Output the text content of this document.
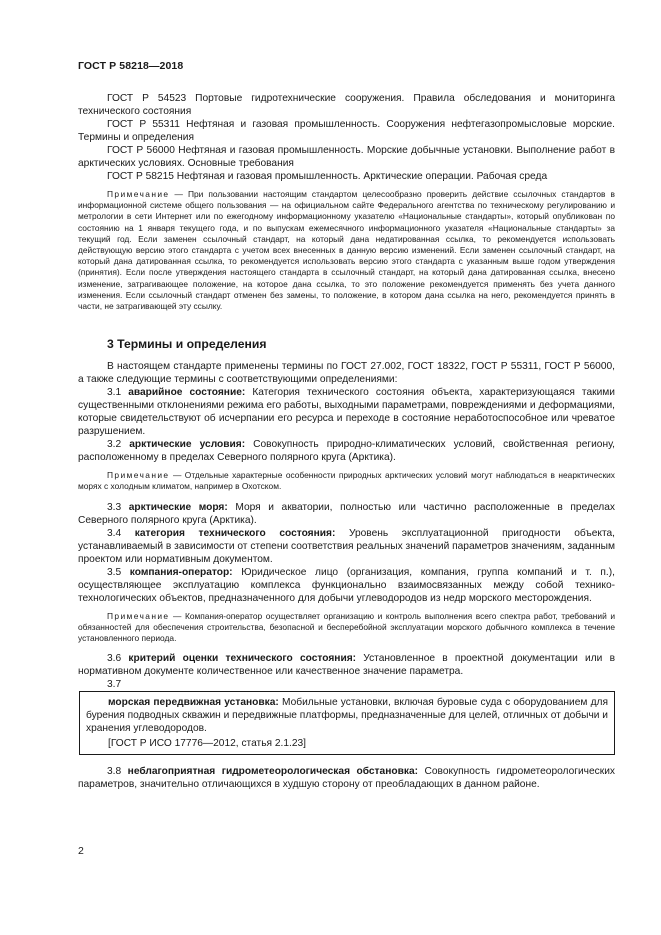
ГОСТ Р 58218—2018

ГОСТ Р 54523 Портовые гидротехнические сооружения. Правила обследования и мониторинга технического состояния

ГОСТ Р 55311 Нефтяная и газовая промышленность. Сооружения нефтегазопромысловые морские. Термины и определения

ГОСТ Р 56000 Нефтяная и газовая промышленность. Морские добычные установки. Выполнение работ в арктических условиях. Основные требования

ГОСТ Р 58215 Нефтяная и газовая промышленность. Арктические операции. Рабочая среда

Примечание — При пользовании настоящим стандартом целесообразно проверить действие ссылочных стандартов в информационной системе общего пользования — на официальном сайте Федерального агентства по техническому регулированию и метрологии в сети Интернет или по ежегодному информационному указателю «Национальные стандарты», который опубликован по состоянию на 1 января текущего года, и по выпускам ежемесячного информационного указателя «Национальные стандарты» за текущий год. Если заменен ссылочный стандарт, на который дана недатированная ссылка, то рекомендуется использовать действующую версию этого стандарта с учетом всех внесенных в данную версию изменений. Если заменен ссылочный стандарт, на который дана датированная ссылка, то рекомендуется использовать версию этого стандарта с указанным выше годом утверждения (принятия). Если после утверждения настоящего стандарта в ссылочный стандарт, на который дана датированная ссылка, внесено изменение, затрагивающее положение, на которое дана ссылка, то это положение рекомендуется применять без учета данного изменения. Если ссылочный стандарт отменен без замены, то положение, в котором дана ссылка на него, рекомендуется принять в части, не затрагивающей эту ссылку.

3 Термины и определения

В настоящем стандарте применены термины по ГОСТ 27.002, ГОСТ 18322, ГОСТ Р 55311, ГОСТ Р 56000, а также следующие термины с соответствующими определениями:

3.1 аварийное состояние: Категория технического состояния объекта, характеризующаяся такими существенными отклонениями режима его работы, выходными параметрами, повреждениями и деформациями, которые свидетельствуют об исчерпании его ресурса и переходе в состояние неработоспособное или чреватое разрушением.

3.2 арктические условия: Совокупность природно-климатических условий, свойственная региону, расположенному в пределах Северного полярного круга (Арктика).

Примечание — Отдельные характерные особенности природных арктических условий могут наблюдаться в неарктических морях с холодным климатом, например в Охотском.

3.3 арктические моря: Моря и акватории, полностью или частично расположенные в пределах Северного полярного круга (Арктика).

3.4 категория технического состояния: Уровень эксплуатационной пригодности объекта, устанавливаемый в зависимости от степени соответствия реальных значений параметров значениям, заданным проектом или нормативным документом.

3.5 компания-оператор: Юридическое лицо (организация, компания, группа компаний и т. п.), осуществляющее эксплуатацию комплекса функционально взаимосвязанных между собой технико-технологических объектов, предназначенного для добычи углеводородов из недр морского месторождения.

Примечание — Компания-оператор осуществляет организацию и контроль выполнения всего спектра работ, требований и обязанностей для обеспечения строительства, безопасной и бесперебойной эксплуатации морского добычного комплекса в течение установленного периода.

3.6 критерий оценки технического состояния: Установленное в проектной документации или в нормативном документе количественное или качественное значение параметра.

3.7

морская передвижная установка: Мобильные установки, включая буровые суда с оборудованием для бурения подводных скважин и передвижные платформы, предназначенные для целей, отличных от добычи и хранения углеводородов.

[ГОСТ Р ИСО 17776—2012, статья 2.1.23]

3.8 неблагоприятная гидрометеорологическая обстановка: Совокупность гидрометеорологических параметров, значительно отличающихся в худшую сторону от преобладающих в данном районе.

2
